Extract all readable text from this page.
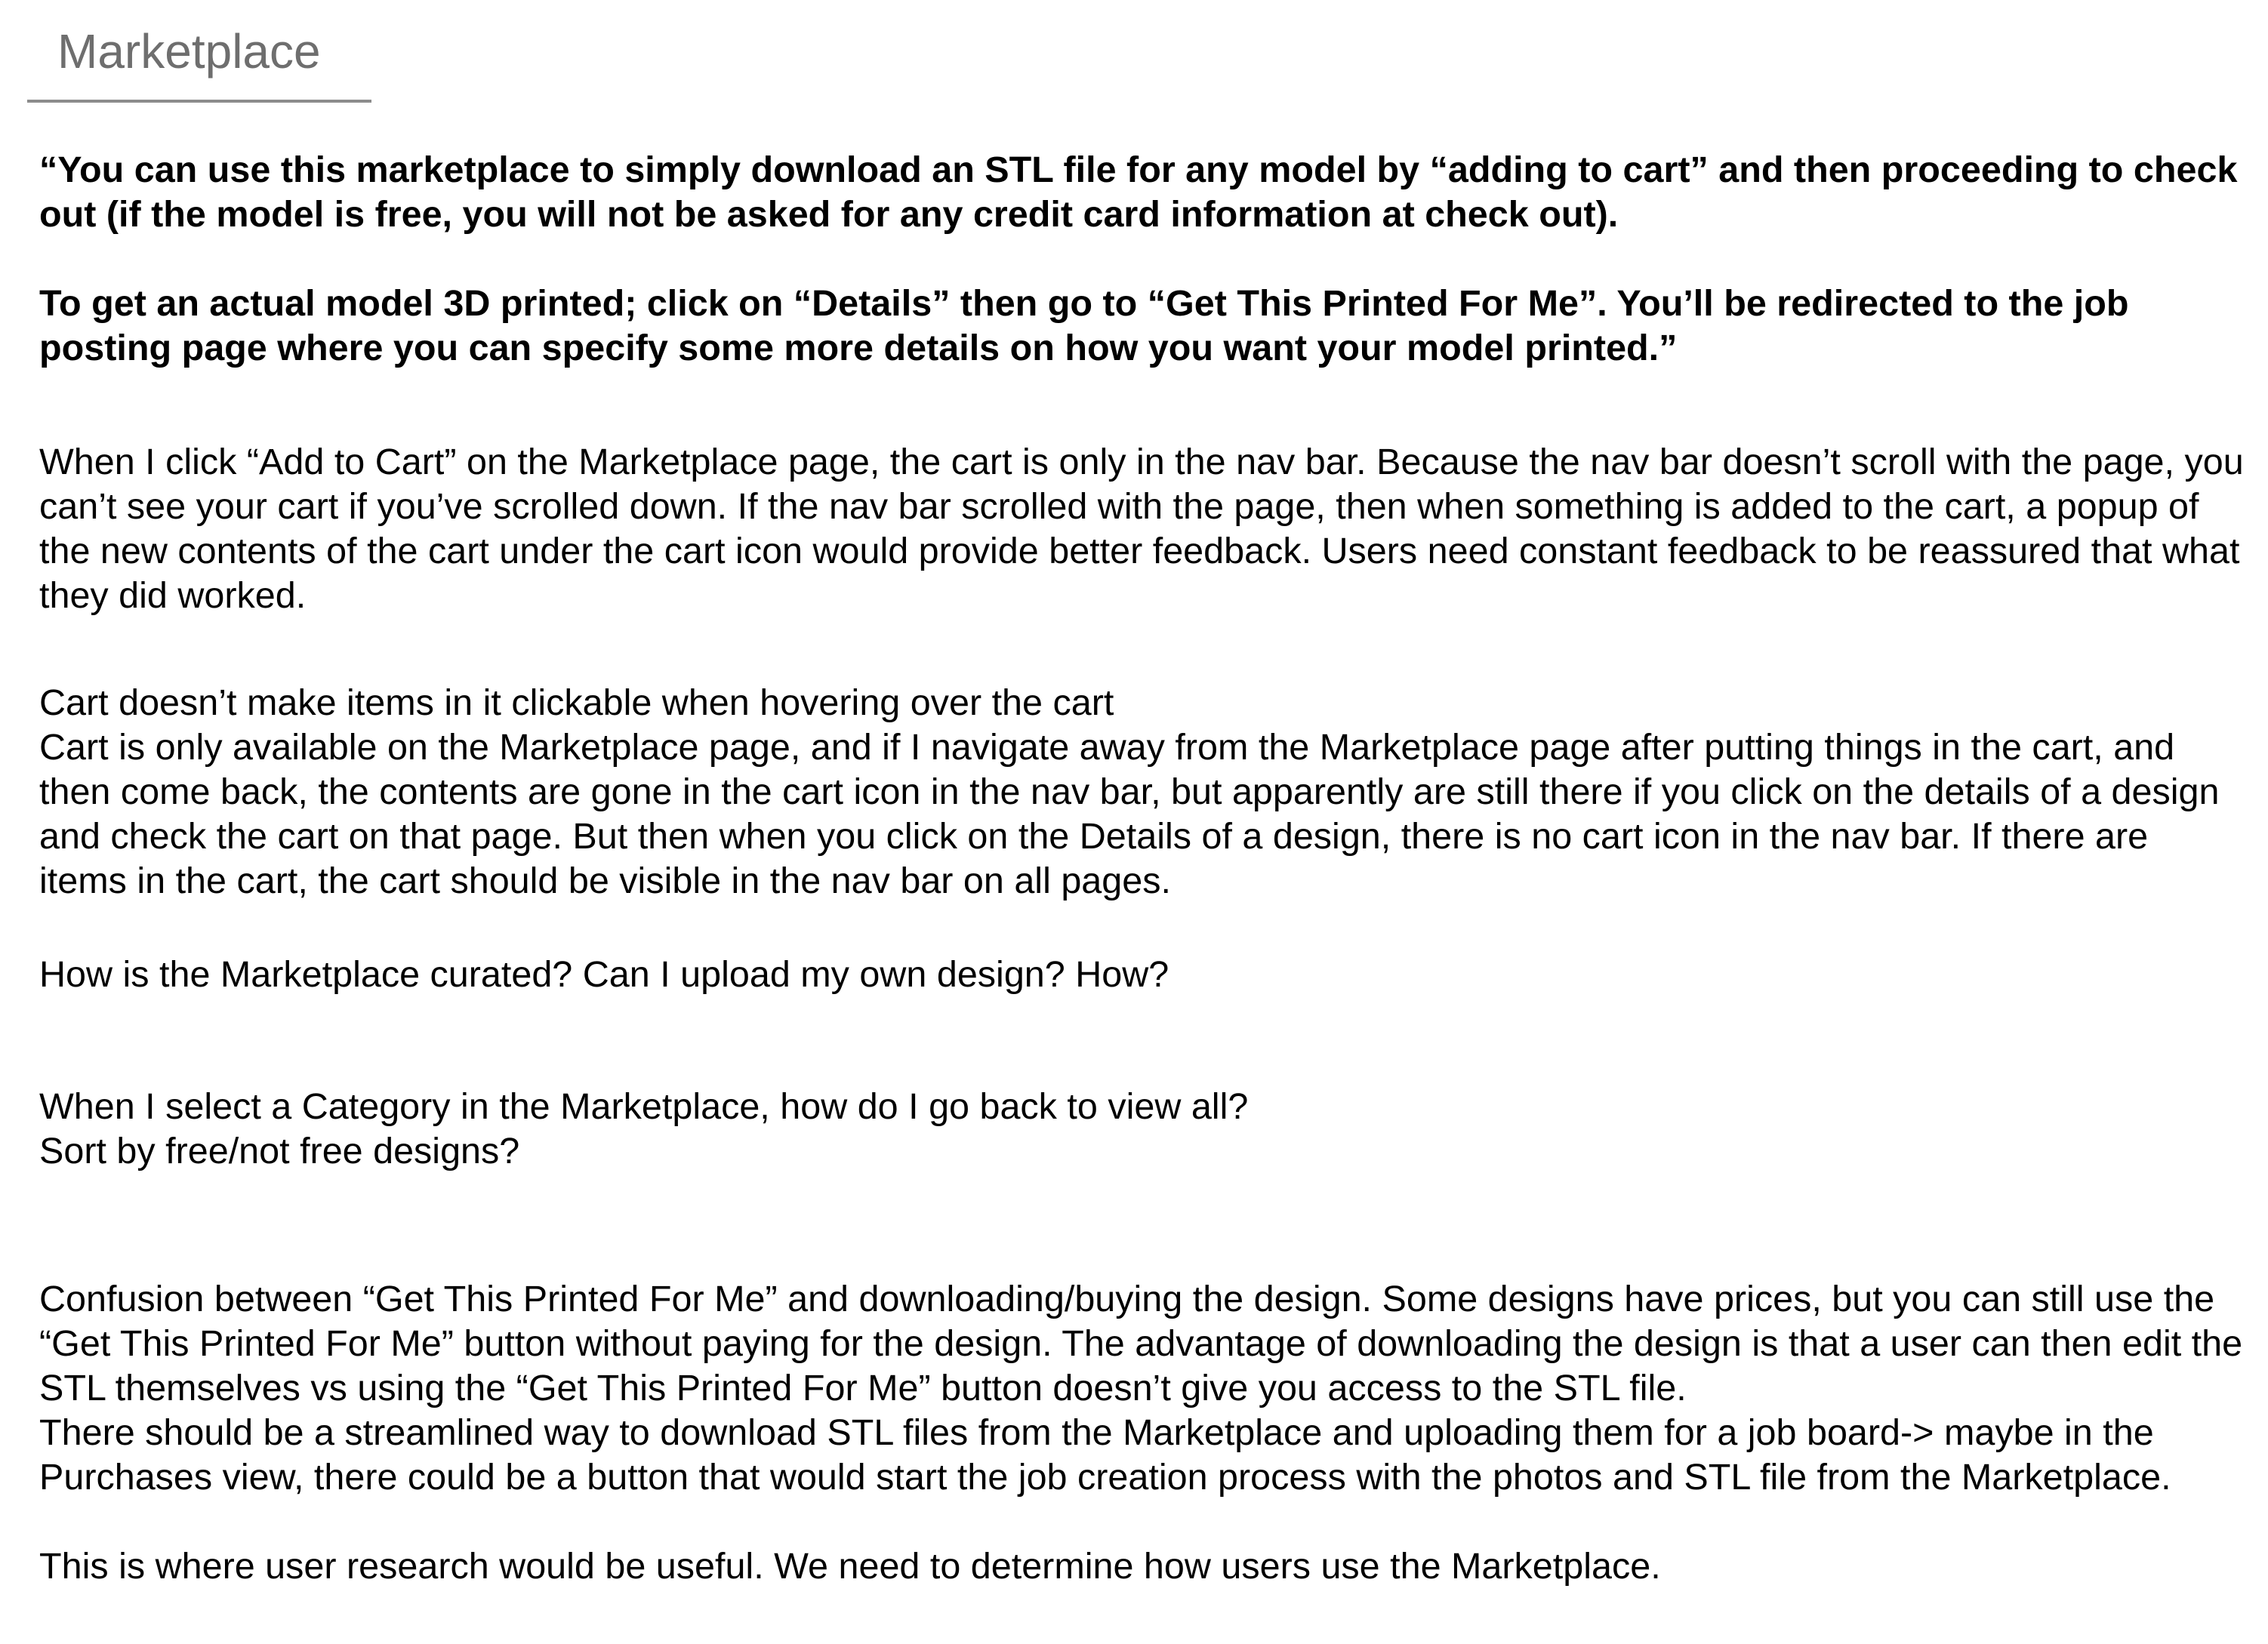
Marketplace

“You can use this marketplace to simply download an STL file for any model by “adding to cart” and then proceeding to check out (if the model is free, you will not be asked for any credit card information at check out).

To get an actual model 3D printed; click on “Details” then go to “Get This Printed For Me”. You’ll be redirected to the job posting page where you can specify some more details on how you want your model printed.”

When I click “Add to Cart” on the Marketplace page, the cart is only in the nav bar. Because the nav bar doesn’t scroll with the page, you can’t see your cart if you’ve scrolled down. If the nav bar scrolled with the page, then when something is added to the cart, a popup of the new contents of the cart under the cart icon would provide better feedback. Users need constant feedback to be reassured that what they did worked.

Cart doesn’t make items in it clickable when hovering over the cart

Cart is only available on the Marketplace page, and if I navigate away from the Marketplace page after putting things in the cart, and then come back, the contents are gone in the cart icon in the nav bar, but apparently are still there if you click on the details of a design and check the cart on that page. But then when you click on the Details of a design, there is no cart icon in the nav bar. If there are items in the cart, the cart should be visible in the nav bar on all pages.

How is the Marketplace curated? Can I upload my own design? How?

When I select a Category in the Marketplace, how do I go back to view all?

Sort by free/not free designs?

Confusion between “Get This Printed For Me” and downloading/buying the design. Some designs have prices, but you can still use the “Get This Printed For Me” button without paying for the design. The advantage of downloading the design is that a user can then edit the STL themselves vs using the “Get This Printed For Me” button doesn’t give you access to the STL file.

There should be a streamlined way to download STL files from the Marketplace and uploading them for a job board-> maybe in the Purchases view, there could be a button that would start the job creation process with the photos and STL file from the Marketplace.

This is where user research would be useful. We need to determine how users use the Marketplace.
